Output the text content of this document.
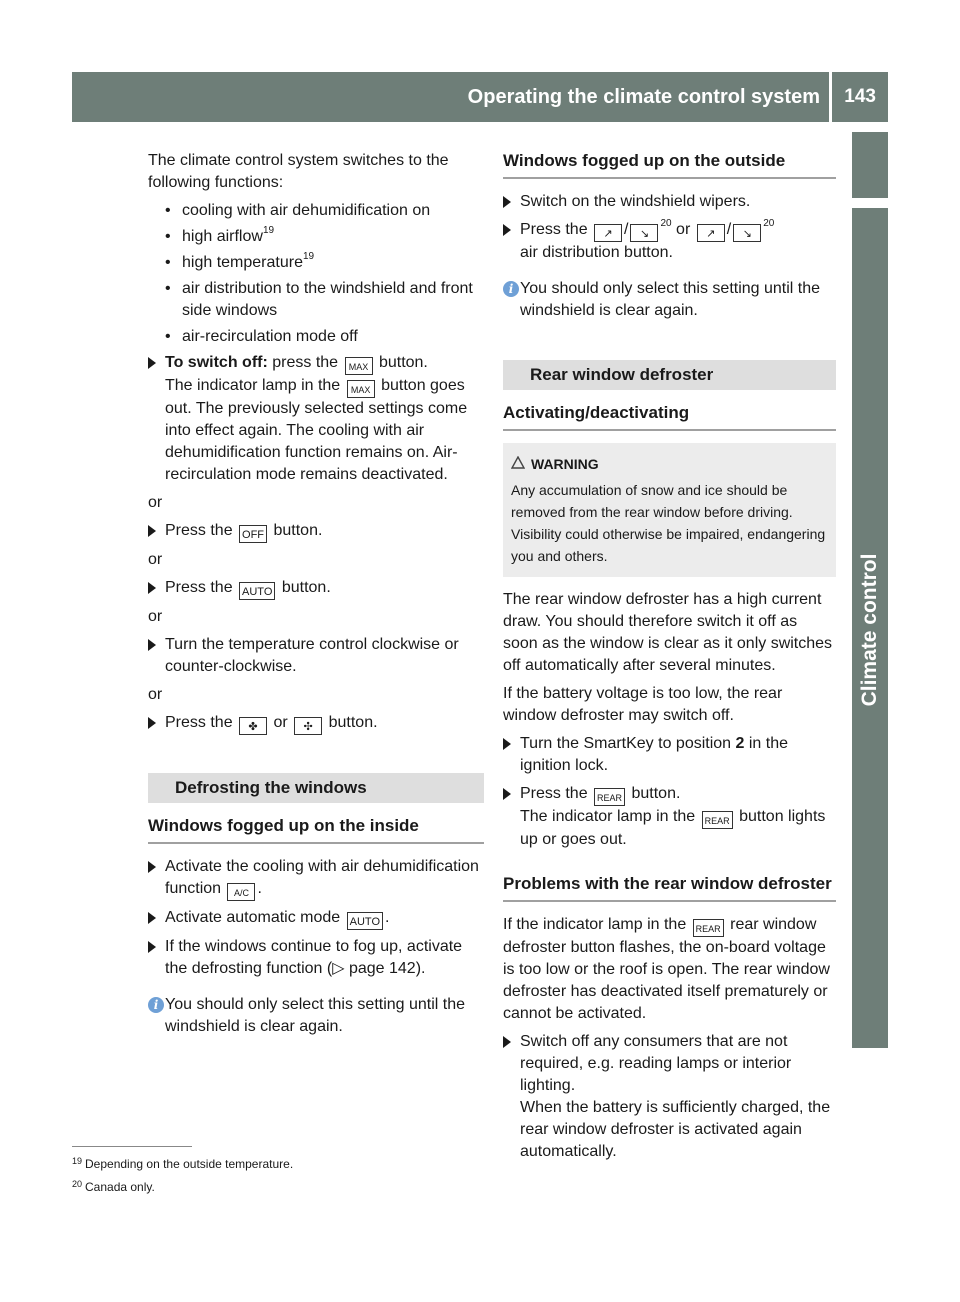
Operating the climate control system 143
Climate control

The climate control system switches to the following functions:

• cooling with air dehumidification on
• high airflow$^{19}$
• high temperature$^{19}$
• air distribution to the windshield and front side windows
• air-recirculation mode off
To switch off: press the MAX button.
The indicator lamp in the MAX button goes out. The previously selected settings come into effect again. The cooling with air dehumidification function remains on. Air-recirculation mode remains deactivated.

or

Press the OFF button.

or

Press the AUTO button.

or

Turn the temperature control clockwise or counter-clockwise.

or

Press the ✤ or ✣ button.
Defrosting the windows
Windows fogged up on the inside
Activate the cooling with air dehumidification function A/C .
Activate automatic mode AUTO .
If the windows continue to fog up, activate the defrosting function (▷ page 142).
i You should only select this setting until the windshield is clear again.
Windows fogged up on the outside
Switch on the windshield wipers.
Press the ↗ / ↘$^{20}$ or ↗ / ↘$^{20}$
air distribution button.
i You should only select this setting until the windshield is clear again.
Rear window defroster
Activating/deactivating
WARNING

Any accumulation of snow and ice should be removed from the rear window before driving. Visibility could otherwise be impaired, endangering you and others.

The rear window defroster has a high current draw. You should therefore switch it off as soon as the window is clear as it only switches off automatically after several minutes.

If the battery voltage is too low, the rear window defroster may switch off.

Turn the SmartKey to position 2 in the ignition lock.
Press the REAR button.
The indicator lamp in the REAR button lights up or goes out.
Problems with the rear window defroster

If the indicator lamp in the REAR rear window defroster button flashes, the on-board voltage is too low or the roof is open. The rear window defroster has deactivated itself prematurely or cannot be activated.

Switch off any consumers that are not required, e.g. reading lamps or interior lighting.
When the battery is sufficiently charged, the rear window defroster is activated again automatically.
$^{19}$ Depending on the outside temperature.
$^{20}$ Canada only.
